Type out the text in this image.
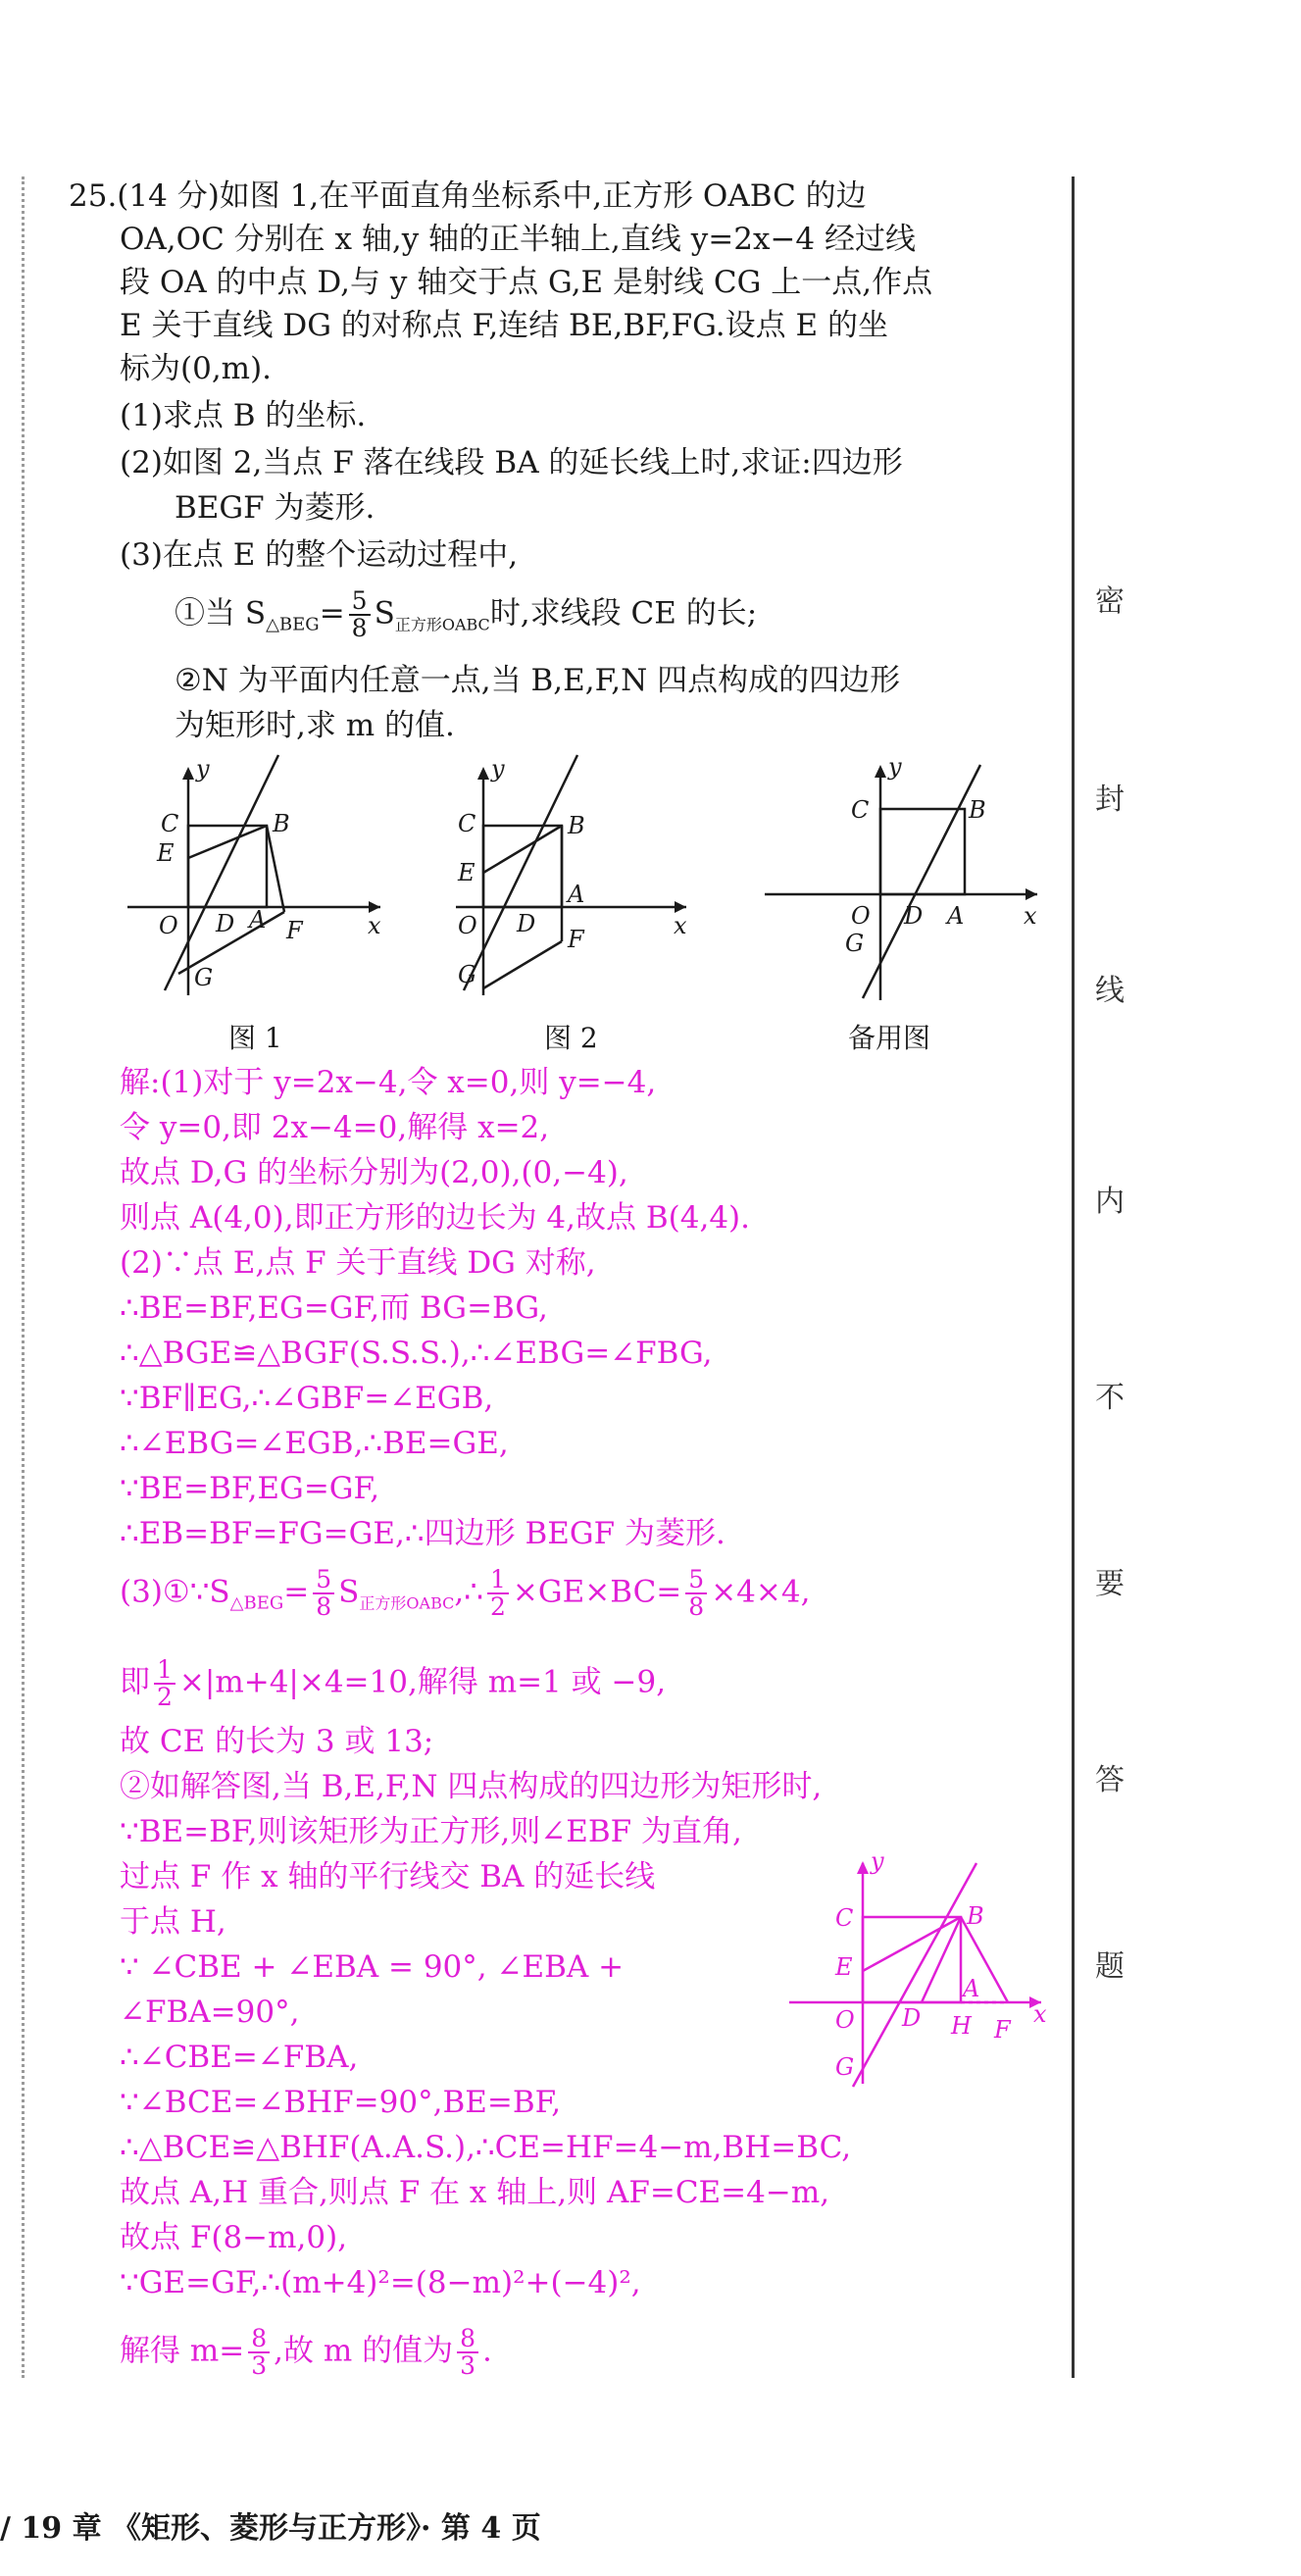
密
封
线
内
不
要
答
题
25.(14 分)如图 1,在平面直角坐标系中,正方形 OABC 的边
OA,OC 分别在 x 轴,y 轴的正半轴上,直线 y=2x−4 经过线
段 OA 的中点 D,与 y 轴交于点 G,E 是射线 CG 上一点,作点
E 关于直线 DG 的对称点 F,连结 BE,BF,FG.设点 E 的坐
标为(0,m).
(1)求点 B 的坐标.
(2)如图 2,当点 F 落在线段 BA 的延长线上时,求证:四边形
BEGF 为菱形.
(3)在点 E 的整个运动过程中,
①当 $S_{\triangle BEG}= \frac{5}{8} S_{正方形OABC}$时,求线段 CE 的长;
②N 为平面内任意一点,当 B,E,F,N 四点构成的四边形
为矩形时,求 m 的值.
y
x
C	B
E
O D A F
G
图 1
y
x
C	B
E
A
O D
F
G
图 2
y
x
C	B
O D A
G
备用图
解:(1)对于 y=2x−4,令 x=0,则 y=−4,
令 y=0,即 2x−4=0,解得 x=2,
故点 D,G 的坐标分别为(2,0),(0,−4),
则点 A(4,0),即正方形的边长为 4,故点 B(4,4).
(2)∵点 E,点 F 关于直线 DG 对称,
∴BE=BF,EG=GF,而 BG=BG,
∴△BGE≌△BGF(S.S.S.),∴∠EBG=∠FBG,
∵BF∥EG,∴∠GBF=∠EGB,
∴∠EBG=∠EGB,∴BE=GE,
∵BE=BF,EG=GF,
∴EB=BF=FG=GE,∴四边形 BEGF 为菱形.
$(3)①\because S_{\triangle BEG}= \frac{5}{8}$ $S_{正方形OABC},\therefore \frac{1}{2} \times GE\times BC= \frac{5}{8} \times 4\times 4$,
即 $\frac{1}{2} \times|m+4|\times 4=10$,解得 m=1 或 −9,
故 CE 的长为 3 或 13;
②如解答图,当 B,E,F,N 四点构成的四边形为矩形时,
∵BE=BF,则该矩形为正方形,则∠EBF 为直角,
过点 F 作 x 轴的平行线交 BA 的延长线
于点 H,
∵ ∠CBE + ∠EBA = 90°, ∠EBA +
∠FBA=90°,
∴∠CBE=∠FBA,
∵∠BCE=∠BHF=90°,BE=BF,
∴△BCE≌△BHF(A.A.S.),∴CE=HF=4−m,BH=BC,
故点 A,H 重合,则点 F 在 x 轴上,则 AF=CE=4−m,
故点 F(8−m,0),
∵GE=GF,∴(m+4)²=(8−m)²+(−4)²,
解得 $m= \frac{8}{3}$ ,故 m 的值为 $\frac{8}{3}$ .
y
x
C	B
E
O D
A
H F
G
/ 19 章 《矩形、菱形与正方形》· 第 4 页
